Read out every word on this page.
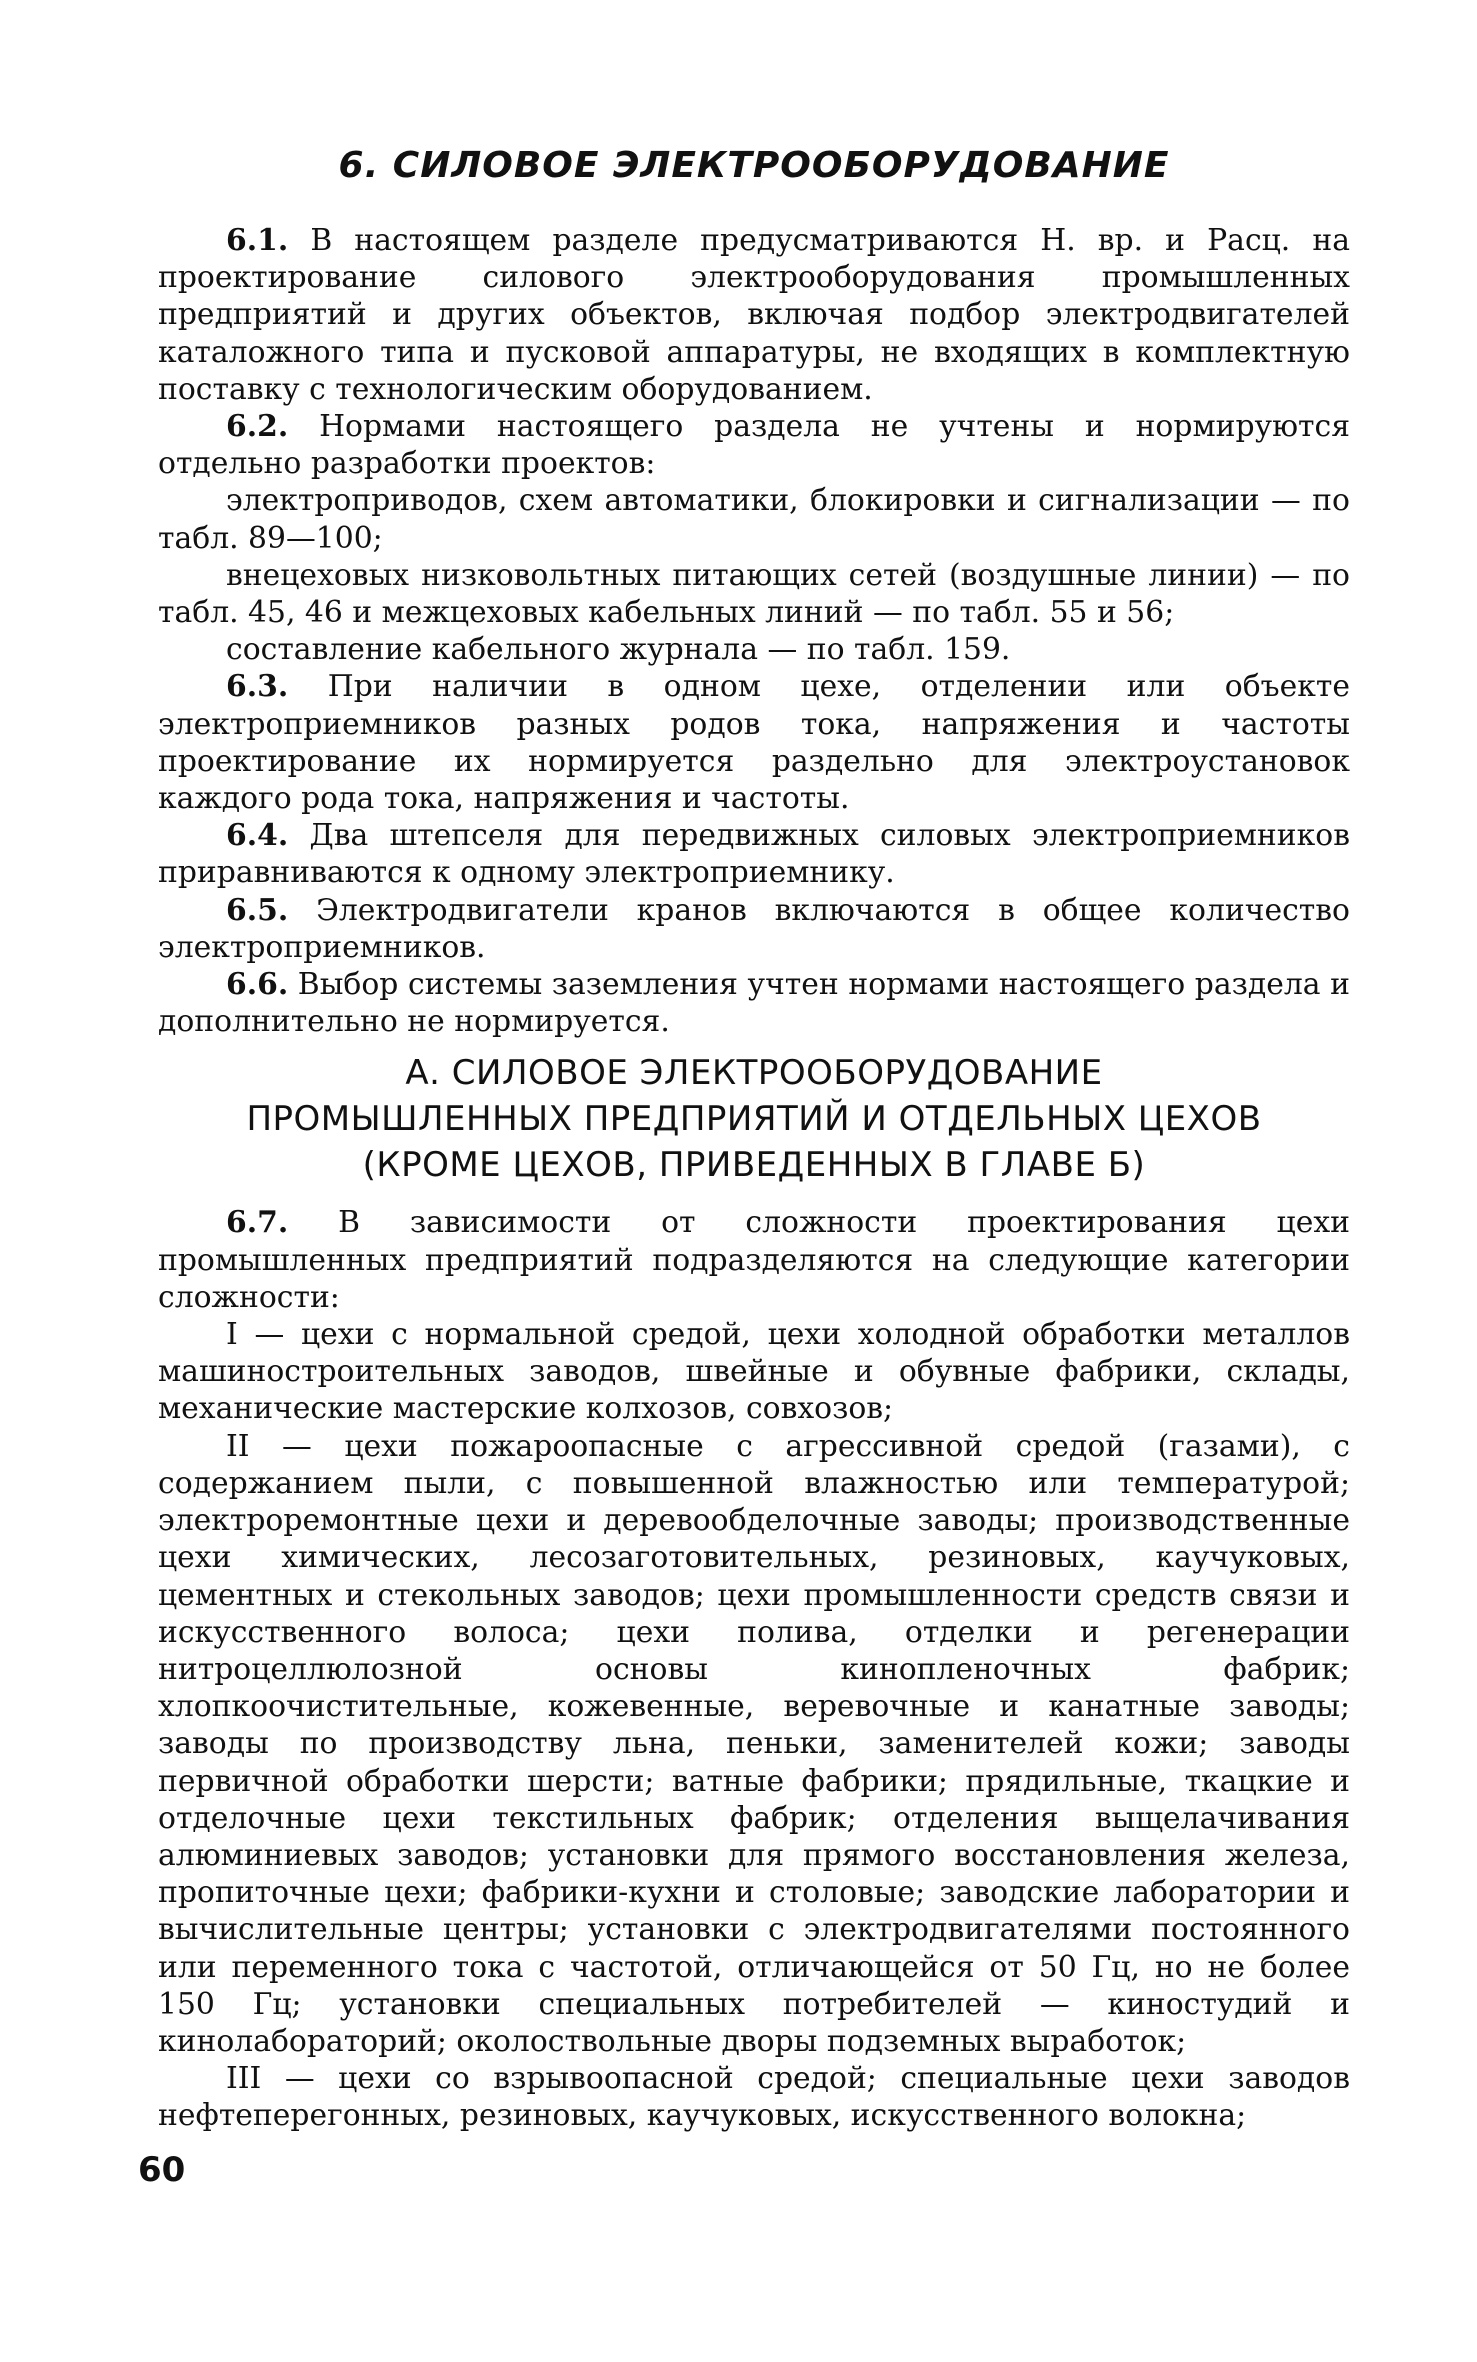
6. СИЛОВОЕ ЭЛЕКТРООБОРУДОВАНИЕ

6.1. В настоящем разделе предусматриваются Н. вр. и Расц. на проектирование силового электрооборудования промышленных предприятий и других объектов, включая подбор электродвигателей каталожного типа и пусковой аппаратуры, не входящих в комплектную поставку с технологическим оборудованием.

6.2. Нормами настоящего раздела не учтены и нормируются отдельно разработки проектов:

электроприводов, схем автоматики, блокировки и сигнализации — по табл. 89—100;

внецеховых низковольтных питающих сетей (воздушные линии) — по табл. 45, 46 и межцеховых кабельных линий — по табл. 55 и 56;

составление кабельного журнала — по табл. 159.

6.3. При наличии в одном цехе, отделении или объекте электроприемников разных родов тока, напряжения и частоты проектирование их нормируется раздельно для электроустановок каждого рода тока, напряжения и частоты.

6.4. Два штепселя для передвижных силовых электроприемников приравниваются к одному электроприемнику.

6.5. Электродвигатели кранов включаются в общее количество электроприемников.

6.6. Выбор системы заземления учтен нормами настоящего раздела и дополнительно не нормируется.

А. СИЛОВОЕ ЭЛЕКТРООБОРУДОВАНИЕ
ПРОМЫШЛЕННЫХ ПРЕДПРИЯТИЙ И ОТДЕЛЬНЫХ ЦЕХОВ
(КРОМЕ ЦЕХОВ, ПРИВЕДЕННЫХ В ГЛАВЕ Б)

6.7. В зависимости от сложности проектирования цехи промышленных предприятий подразделяются на следующие категории сложности:

I — цехи с нормальной средой, цехи холодной обработки металлов машиностроительных заводов, швейные и обувные фабрики, склады, механические мастерские колхозов, совхозов;

II — цехи пожароопасные с агрессивной средой (газами), с содержанием пыли, с повышенной влажностью или температурой; электроремонтные цехи и деревообделочные заводы; производственные цехи химических, лесозаготовительных, резиновых, каучуковых, цементных и стекольных заводов; цехи промышленности средств связи и искусственного волоса; цехи полива, отделки и регенерации нитроцеллюлозной основы кинопленочных фабрик; хлопкоочистительные, кожевенные, веревочные и канатные заводы; заводы по производству льна, пеньки, заменителей кожи; заводы первичной обработки шерсти; ватные фабрики; прядильные, ткацкие и отделочные цехи текстильных фабрик; отделения выщелачивания алюминиевых заводов; установки для прямого восстановления железа, пропиточные цехи; фабрики-кухни и столовые; заводские лаборатории и вычислительные центры; установки с электродвигателями постоянного или переменного тока с частотой, отличающейся от 50 Гц, но не более 150 Гц; установки специальных потребителей — киностудий и кинолабораторий; околоствольные дворы подземных выработок;

III — цехи со взрывоопасной средой; специальные цехи заводов нефтеперегонных, резиновых, каучуковых, искусственного волокна;

60
